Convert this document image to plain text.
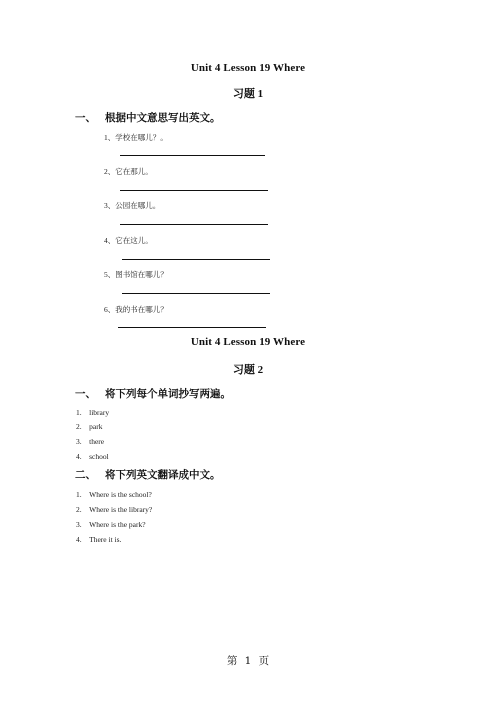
Unit 4 Lesson 19 Where
习题 1
一、 根据中文意思写出英文。
1、学校在哪儿？。
2、它在那儿。
3、公园在哪儿。
4、它在这儿。
5、图书馆在哪儿？
6、我的书在哪儿？
Unit 4 Lesson 19 Where
习题 2
一、 将下列每个单词抄写两遍。
1.    library
2.    park
3.    there
4.    school
二、 将下列英文翻译成中文。
1.    Where is the school?
2.    Where is the library?
3.    Where is the park?
4.    There it is.
第 1 页
